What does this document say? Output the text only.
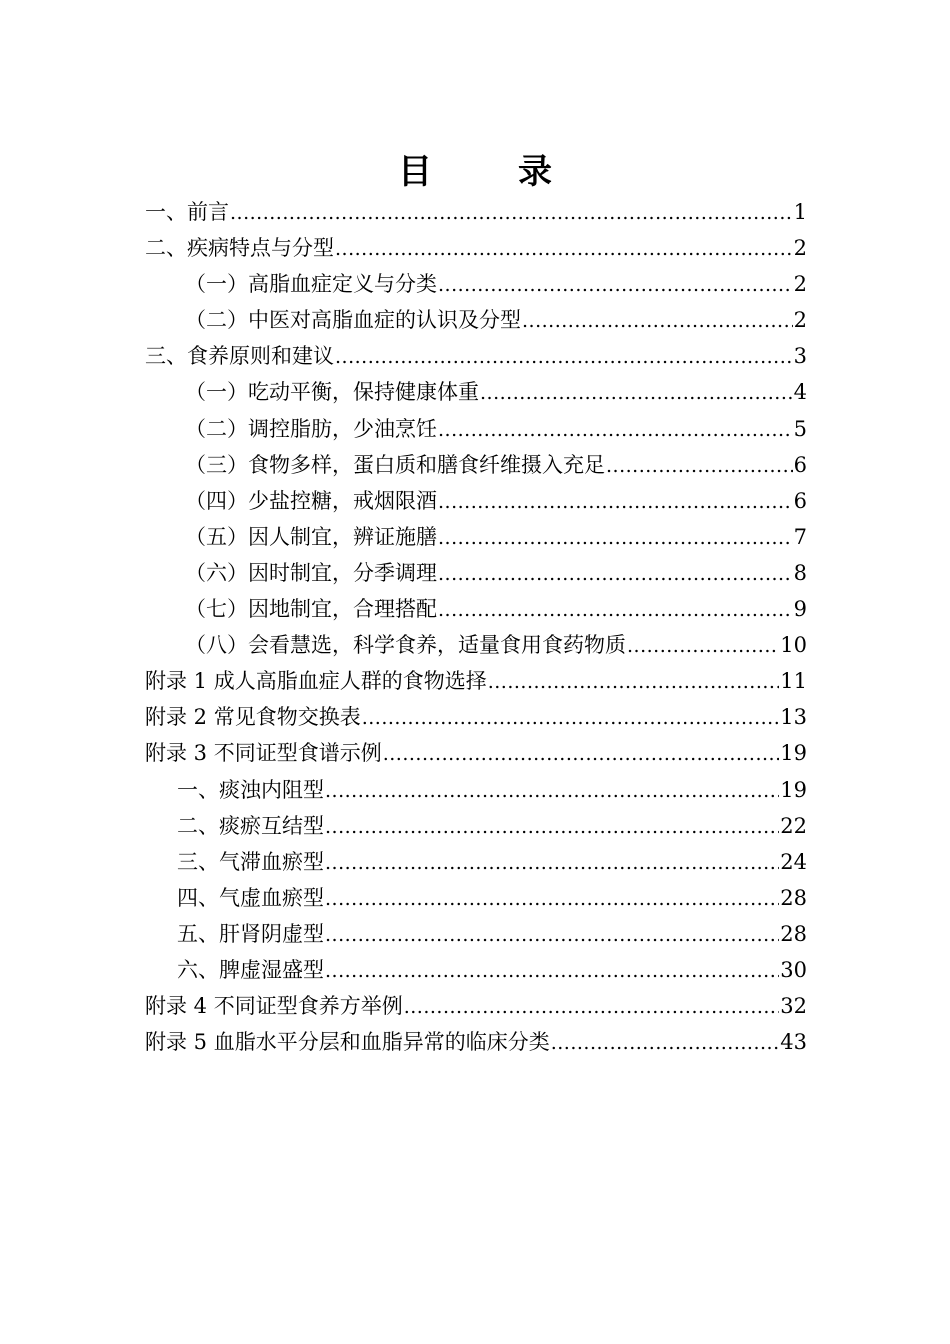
目　录
一、前言 .....	1
二、疾病特点与分型 .....	2
（一）高脂血症定义与分类 .....	2
（二）中医对高脂血症的认识及分型 .....	2
三、食养原则和建议 .....	3
（一）吃动平衡，保持健康体重 .....	4
（二）调控脂肪，少油烹饪 .....	5
（三）食物多样，蛋白质和膳食纤维摄入充足 .....	6
（四）少盐控糖，戒烟限酒 .....	6
（五）因人制宜，辨证施膳 .....	7
（六）因时制宜，分季调理 .....	8
（七）因地制宜，合理搭配 .....	9
（八）会看慧选，科学食养，适量食用食药物质 .....	10
附录 1 成人高脂血症人群的食物选择 .....	11
附录 2 常见食物交换表 .....	13
附录 3 不同证型食谱示例 .....	19
一、痰浊内阻型 .....	19
二、痰瘀互结型 .....	22
三、气滞血瘀型 .....	24
四、气虚血瘀型 .....	28
五、肝肾阴虚型 .....	28
六、脾虚湿盛型 .....	30
附录 4 不同证型食养方举例 .....	32
附录 5 血脂水平分层和血脂异常的临床分类 .....	43
